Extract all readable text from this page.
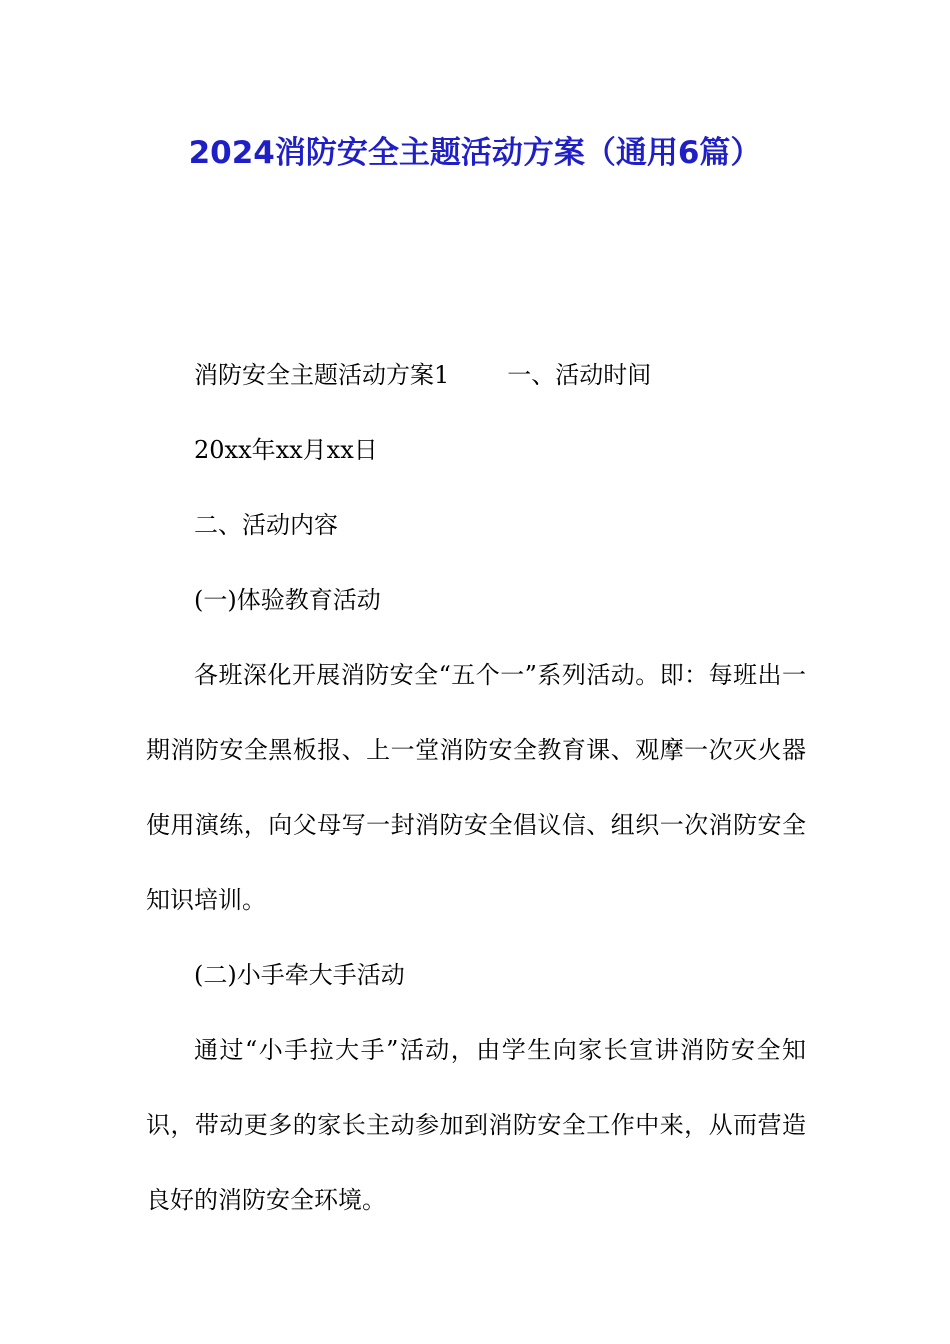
2024消防安全主题活动方案（通用6篇）

消防安全主题活动方案1 一、活动时间

20xx年xx月xx日

二、活动内容

(一)体验教育活动

各班深化开展消防安全“五个一”系列活动。即：每班出一期消防安全黑板报、上一堂消防安全教育课、观摩一次灭火器使用演练，向父母写一封消防安全倡议信、组织一次消防安全知识培训。

(二)小手牵大手活动

通过“小手拉大手”活动，由学生向家长宣讲消防安全知识，带动更多的家长主动参加到消防安全工作中来，从而营造良好的消防安全环境。
